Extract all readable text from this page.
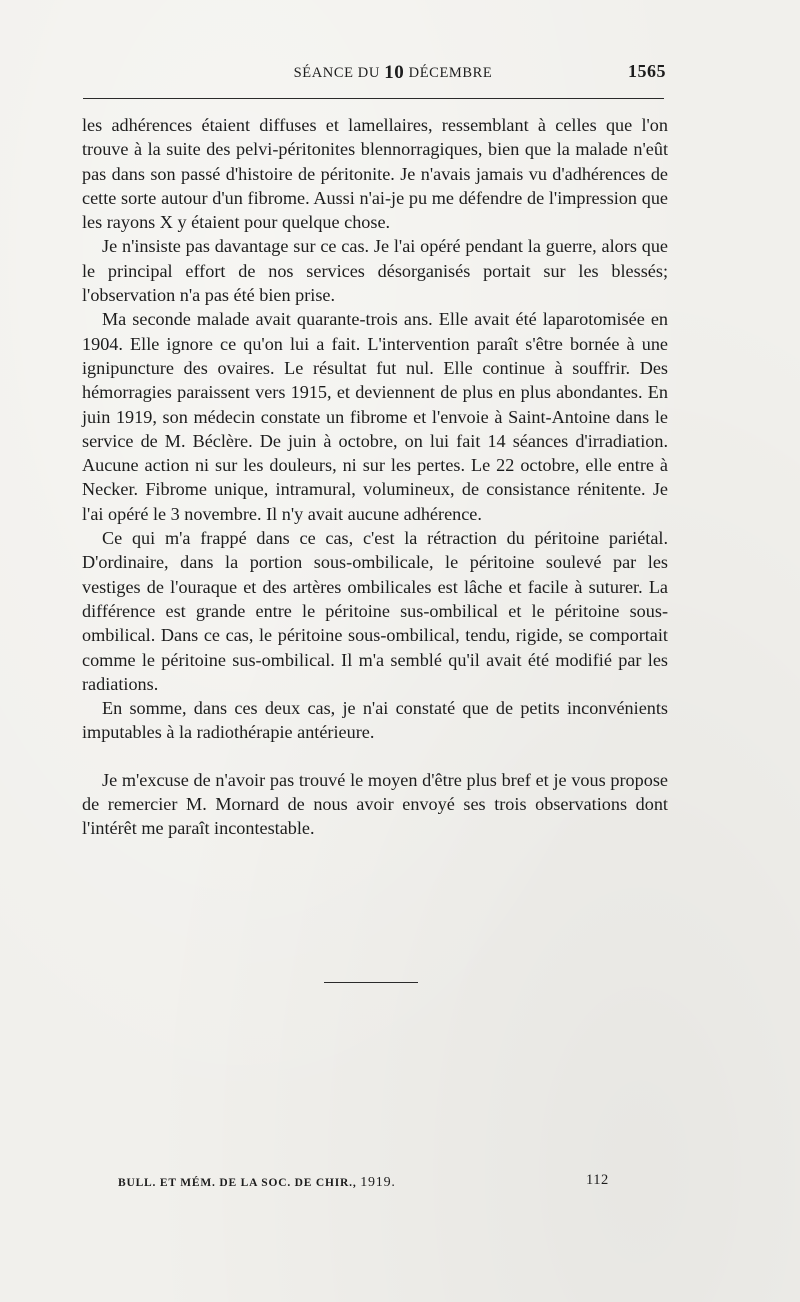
SÉANCE DU 10 DÉCEMBRE	1565

les adhérences étaient diffuses et lamellaires, ressemblant à celles que l'on trouve à la suite des pelvi-péritonites blennorragiques, bien que la malade n'eût pas dans son passé d'histoire de péritonite. Je n'avais jamais vu d'adhérences de cette sorte autour d'un fibrome. Aussi n'ai-je pu me défendre de l'impression que les rayons X y étaient pour quelque chose.

Je n'insiste pas davantage sur ce cas. Je l'ai opéré pendant la guerre, alors que le principal effort de nos services désorganisés portait sur les blessés; l'observation n'a pas été bien prise.

Ma seconde malade avait quarante-trois ans. Elle avait été laparotomisée en 1904. Elle ignore ce qu'on lui a fait. L'intervention paraît s'être bornée à une ignipuncture des ovaires. Le résultat fut nul. Elle continue à souffrir. Des hémorragies paraissent vers 1915, et deviennent de plus en plus abondantes. En juin 1919, son médecin constate un fibrome et l'envoie à Saint-Antoine dans le service de M. Béclère. De juin à octobre, on lui fait 14 séances d'irradiation. Aucune action ni sur les douleurs, ni sur les pertes. Le 22 octobre, elle entre à Necker. Fibrome unique, intramural, volumineux, de consistance rénitente. Je l'ai opéré le 3 novembre. Il n'y avait aucune adhérence.

Ce qui m'a frappé dans ce cas, c'est la rétraction du péritoine pariétal. D'ordinaire, dans la portion sous-ombilicale, le péritoine soulevé par les vestiges de l'ouraque et des artères ombilicales est lâche et facile à suturer. La différence est grande entre le péritoine sus-ombilical et le péritoine sous-ombilical. Dans ce cas, le péritoine sous-ombilical, tendu, rigide, se comportait comme le péritoine sus-ombilical. Il m'a semblé qu'il avait été modifié par les radiations.

En somme, dans ces deux cas, je n'ai constaté que de petits inconvénients imputables à la radiothérapie antérieure.

Je m'excuse de n'avoir pas trouvé le moyen d'être plus bref et je vous propose de remercier M. Mornard de nous avoir envoyé ses trois observations dont l'intérêt me paraît incontestable.

BULL. ET MÉM. DE LA SOC. DE CHIR., 1919.	112
